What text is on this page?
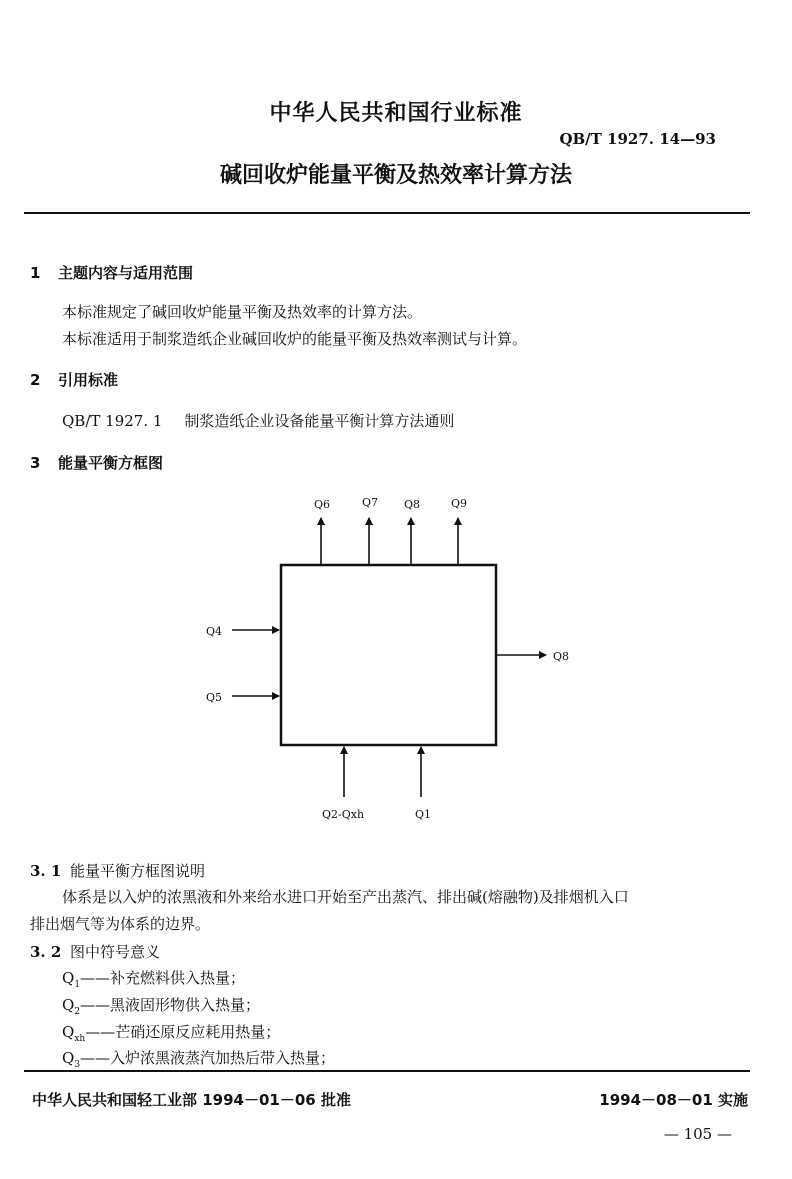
中华人民共和国行业标准
QB/T 1927. 14—93
碱回收炉能量平衡及热效率计算方法
1 主题内容与适用范围
本标准规定了碱回收炉能量平衡及热效率的计算方法。
本标准适用于制浆造纸企业碱回收炉的能量平衡及热效率测试与计算。
2 引用标准
QB/T 1927. 1 制浆造纸企业设备能量平衡计算方法通则
3 能量平衡方框图
Q6	Q7 Q8	Q9
Q4
Q5
Q8
Q2-Qxh	Q1
3. 1 能量平衡方框图说明
体系是以入炉的浓黑液和外来给水进口开始至产出蒸汽、排出碱(熔融物)及排烟机入口
排出烟气等为体系的边界。
3. 2 图中符号意义
$Q_1——$补充燃料供入热量；
$Q_2——$黑液固形物供入热量；
$Q_{xh}——$芒硝还原反应耗用热量；
$Q_3——$入炉浓黑液蒸汽加热后带入热量；
中华人民共和国轻工业部 1994－01－06 批准	1994－08－01 实施
— 105 —
